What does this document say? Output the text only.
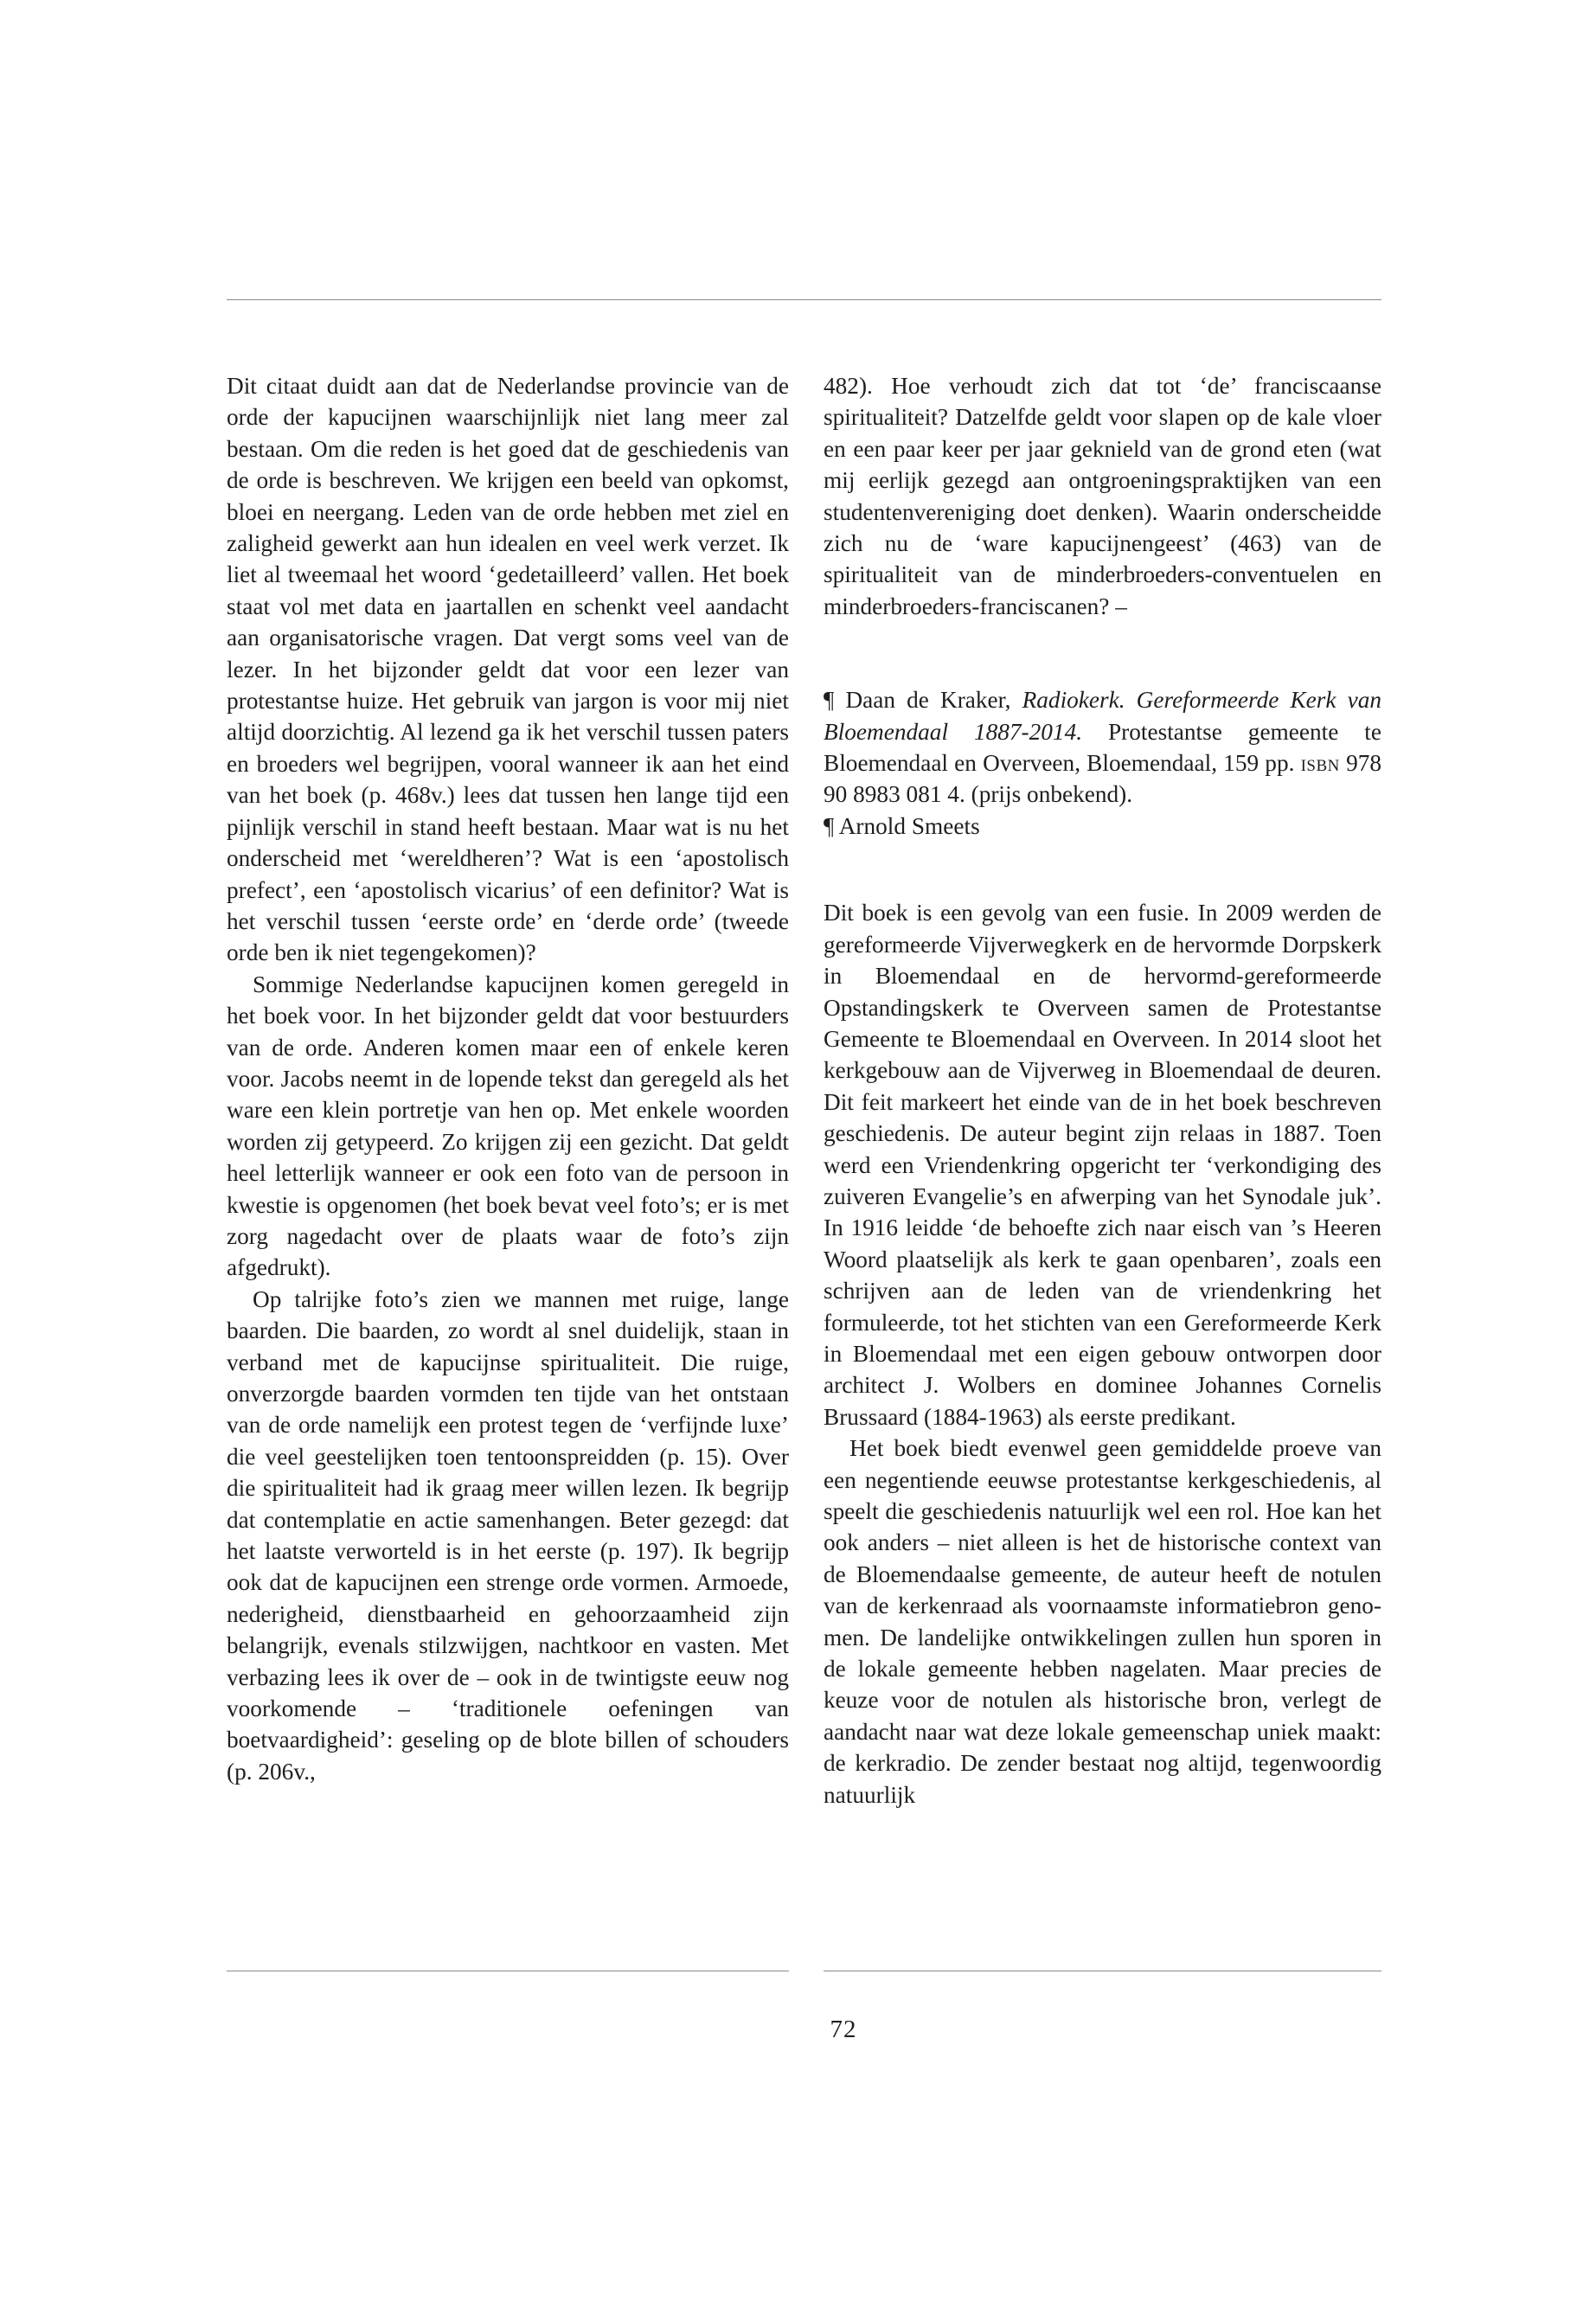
Dit citaat duidt aan dat de Nederlandse provincie van de orde der kapucijnen waarschijnlijk niet lang meer zal bestaan. Om die reden is het goed dat de geschiedenis van de orde is beschreven. We krijgen een beeld van opkomst, bloei en neergang. Leden van de orde hebben met ziel en zaligheid gewerkt aan hun idealen en veel werk verzet. Ik liet al tweemaal het woord ‘gedetailleerd’ vallen. Het boek staat vol met data en jaartallen en schenkt veel aandacht aan organisatorische vragen. Dat vergt soms veel van de lezer. In het bijzonder geldt dat voor een lezer van protestantse huize. Het gebruik van jargon is voor mij niet altijd doorzichtig. Al lezend ga ik het verschil tussen paters en broeders wel begrijpen, vooral wanneer ik aan het eind van het boek (p. 468v.) lees dat tussen hen lange tijd een pijnlijk verschil in stand heeft bestaan. Maar wat is nu het onderscheid met ‘wereldheren’? Wat is een ‘apostolisch prefect’, een ‘apostolisch vicarius’ of een definitor? Wat is het verschil tussen ‘eerste orde’ en ‘derde orde’ (tweede orde ben ik niet tegengekomen)?

Sommige Nederlandse kapucijnen komen geregeld in het boek voor. In het bijzonder geldt dat voor bestuurders van de orde. Anderen komen maar een of enkele keren voor. Jacobs neemt in de lopende tekst dan geregeld als het ware een klein portretje van hen op. Met enkele woorden worden zij getypeerd. Zo krijgen zij een gezicht. Dat geldt heel letterlijk wanneer er ook een foto van de persoon in kwestie is opgenomen (het boek bevat veel foto’s; er is met zorg nagedacht over de plaats waar de foto’s zijn afgedrukt).

Op talrijke foto’s zien we mannen met ruige, lange baarden. Die baarden, zo wordt al snel duidelijk, staan in verband met de kapucijnse spiritualiteit. Die ruige, onverzorgde baarden vormden ten tijde van het ontstaan van de orde namelijk een protest tegen de ‘verfijnde luxe’ die veel geestelijken toen tentoonspreidden (p. 15). Over die spiritualiteit had ik graag meer willen lezen. Ik begrijp dat contemplatie en actie samenhangen. Beter gezegd: dat het laatste verworteld is in het eerste (p. 197). Ik begrijp ook dat de kapucijnen een strenge orde vormen. Armoede, nederigheid, dienstbaarheid en gehoorzaamheid zijn belangrijk, evenals stilzwijgen, nachtkoor en vasten. Met verbazing lees ik over de – ook in de twintigste eeuw nog voorkomende – ‘traditionele oefeningen van boetvaardigheid’: geseling op de blote billen of schouders (p. 206v.,

482). Hoe verhoudt zich dat tot ‘de’ franciscaanse spiritualiteit? Datzelfde geldt voor slapen op de kale vloer en een paar keer per jaar geknield van de grond eten (wat mij eerlijk gezegd aan ontgroeningspraktijken van een studentenvereniging doet denken). Waarin onderscheidde zich nu de ‘ware kapucijnengeest’ (463) van de spiritualiteit van de minderbroeders-conventuelen en minderbroeders-franciscanen? –

¶ Daan de Kraker, Radiokerk. Gereformeerde Kerk van Bloemendaal 1887-2014. Protestantse gemeente te Bloemendaal en Overveen, Bloemendaal, 159 pp. isbn 978 90 8983 081 4. (prijs onbekend).

¶ Arnold Smeets

Dit boek is een gevolg van een fusie. In 2009 werden de gereformeerde Vijverwegkerk en de hervormde Dorpskerk in Bloemendaal en de hervormd-gereformeerde Opstandingskerk te Overveen samen de Protestantse Gemeente te Bloemendaal en Overveen. In 2014 sloot het kerkgebouw aan de Vijverweg in Bloemendaal de deuren. Dit feit markeert het einde van de in het boek beschreven geschiedenis. De auteur begint zijn relaas in 1887. Toen werd een Vriendenkring opgericht ter ‘verkondiging des zuiveren Evangelie’s en afwerping van het Synodale juk’. In 1916 leidde ‘de behoefte zich naar eisch van ’s Heeren Woord plaatselijk als kerk te gaan openbaren’, zoals een schrijven aan de leden van de vriendenkring het formuleerde, tot het stichten van een Gereformeerde Kerk in Bloemendaal met een eigen gebouw ontworpen door architect J. Wolbers en dominee Johannes Cornelis Brussaard (1884-1963) als eerste predikant.

Het boek biedt evenwel geen gemiddelde proeve van een negentiende eeuwse protestantse kerkgeschiedenis, al speelt die geschiedenis natuurlijk wel een rol. Hoe kan het ook anders – niet alleen is het de historische context van de Bloemendaalse gemeente, de auteur heeft de notulen van de kerkenraad als voornaamste informatiebron genomen. De landelijke ontwikkelingen zullen hun sporen in de lokale gemeente hebben nagelaten. Maar precies de keuze voor de notulen als historische bron, verlegt de aandacht naar wat deze lokale gemeenschap uniek maakt: de kerkradio. De zender bestaat nog altijd, tegenwoordig natuurlijk

72
